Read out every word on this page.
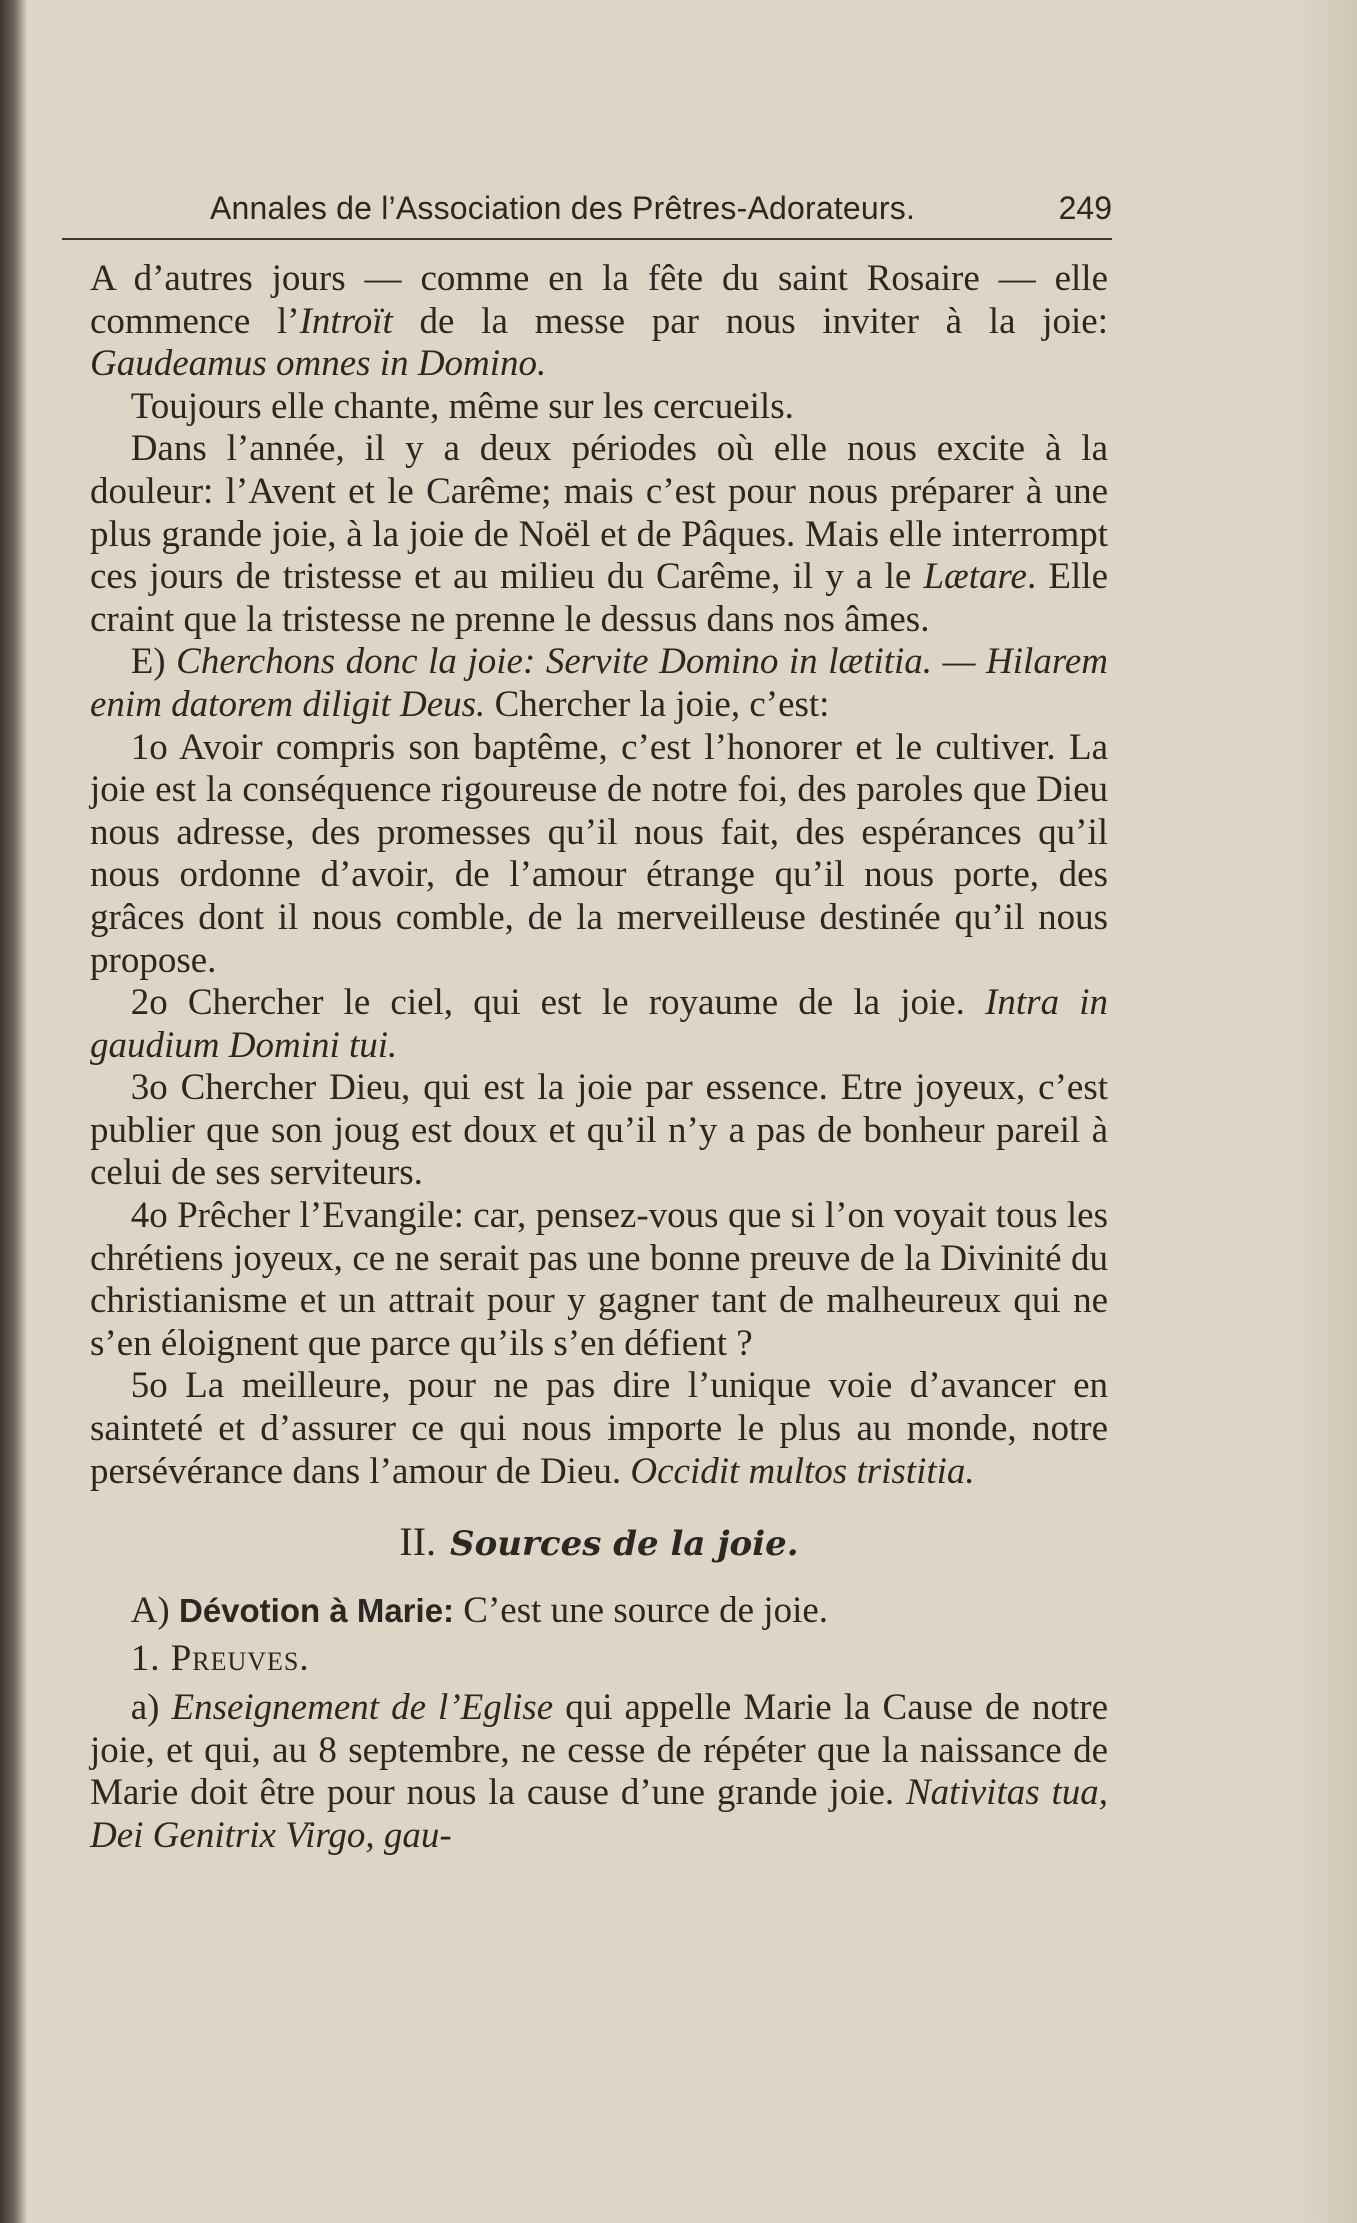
Annales de l’Association des Prêtres-Adorateurs.	249

A d’autres jours — comme en la fête du saint Rosaire — elle commence l’Introït de la messe par nous inviter à la joie: Gaudeamus omnes in Domino.

Toujours elle chante, même sur les cercueils.

Dans l’année, il y a deux périodes où elle nous excite à la douleur: l’Avent et le Carême; mais c’est pour nous préparer à une plus grande joie, à la joie de Noël et de Pâques. Mais elle interrompt ces jours de tristesse et au milieu du Carême, il y a le Lætare. Elle craint que la tristesse ne prenne le dessus dans nos âmes.

E) Cherchons donc la joie: Servite Domino in lætitia. — Hilarem enim datorem diligit Deus. Chercher la joie, c’est:

1o Avoir compris son baptême, c’est l’honorer et le cultiver. La joie est la conséquence rigoureuse de notre foi, des paroles que Dieu nous adresse, des promesses qu’il nous fait, des espérances qu’il nous ordonne d’avoir, de l’amour étrange qu’il nous porte, des grâces dont il nous comble, de la merveilleuse destinée qu’il nous propose.

2o Chercher le ciel, qui est le royaume de la joie. Intra in gaudium Domini tui.

3o Chercher Dieu, qui est la joie par essence. Etre joyeux, c’est publier que son joug est doux et qu’il n’y a pas de bonheur pareil à celui de ses serviteurs.

4o Prêcher l’Evangile: car, pensez-vous que si l’on voyait tous les chrétiens joyeux, ce ne serait pas une bonne preuve de la Divinité du christianisme et un attrait pour y gagner tant de malheureux qui ne s’en éloignent que parce qu’ils s’en défient ?

5o La meilleure, pour ne pas dire l’unique voie d’avancer en sainteté et d’assurer ce qui nous importe le plus au monde, notre persévérance dans l’amour de Dieu. Occidit multos tristitia.

II. Sources de la joie.

A) Dévotion à Marie: C’est une source de joie.

1. Preuves.

a) Enseignement de l’Eglise qui appelle Marie la Cause de notre joie, et qui, au 8 septembre, ne cesse de répéter que la naissance de Marie doit être pour nous la cause d’une grande joie. Nativitas tua, Dei Genitrix Virgo, gau-
